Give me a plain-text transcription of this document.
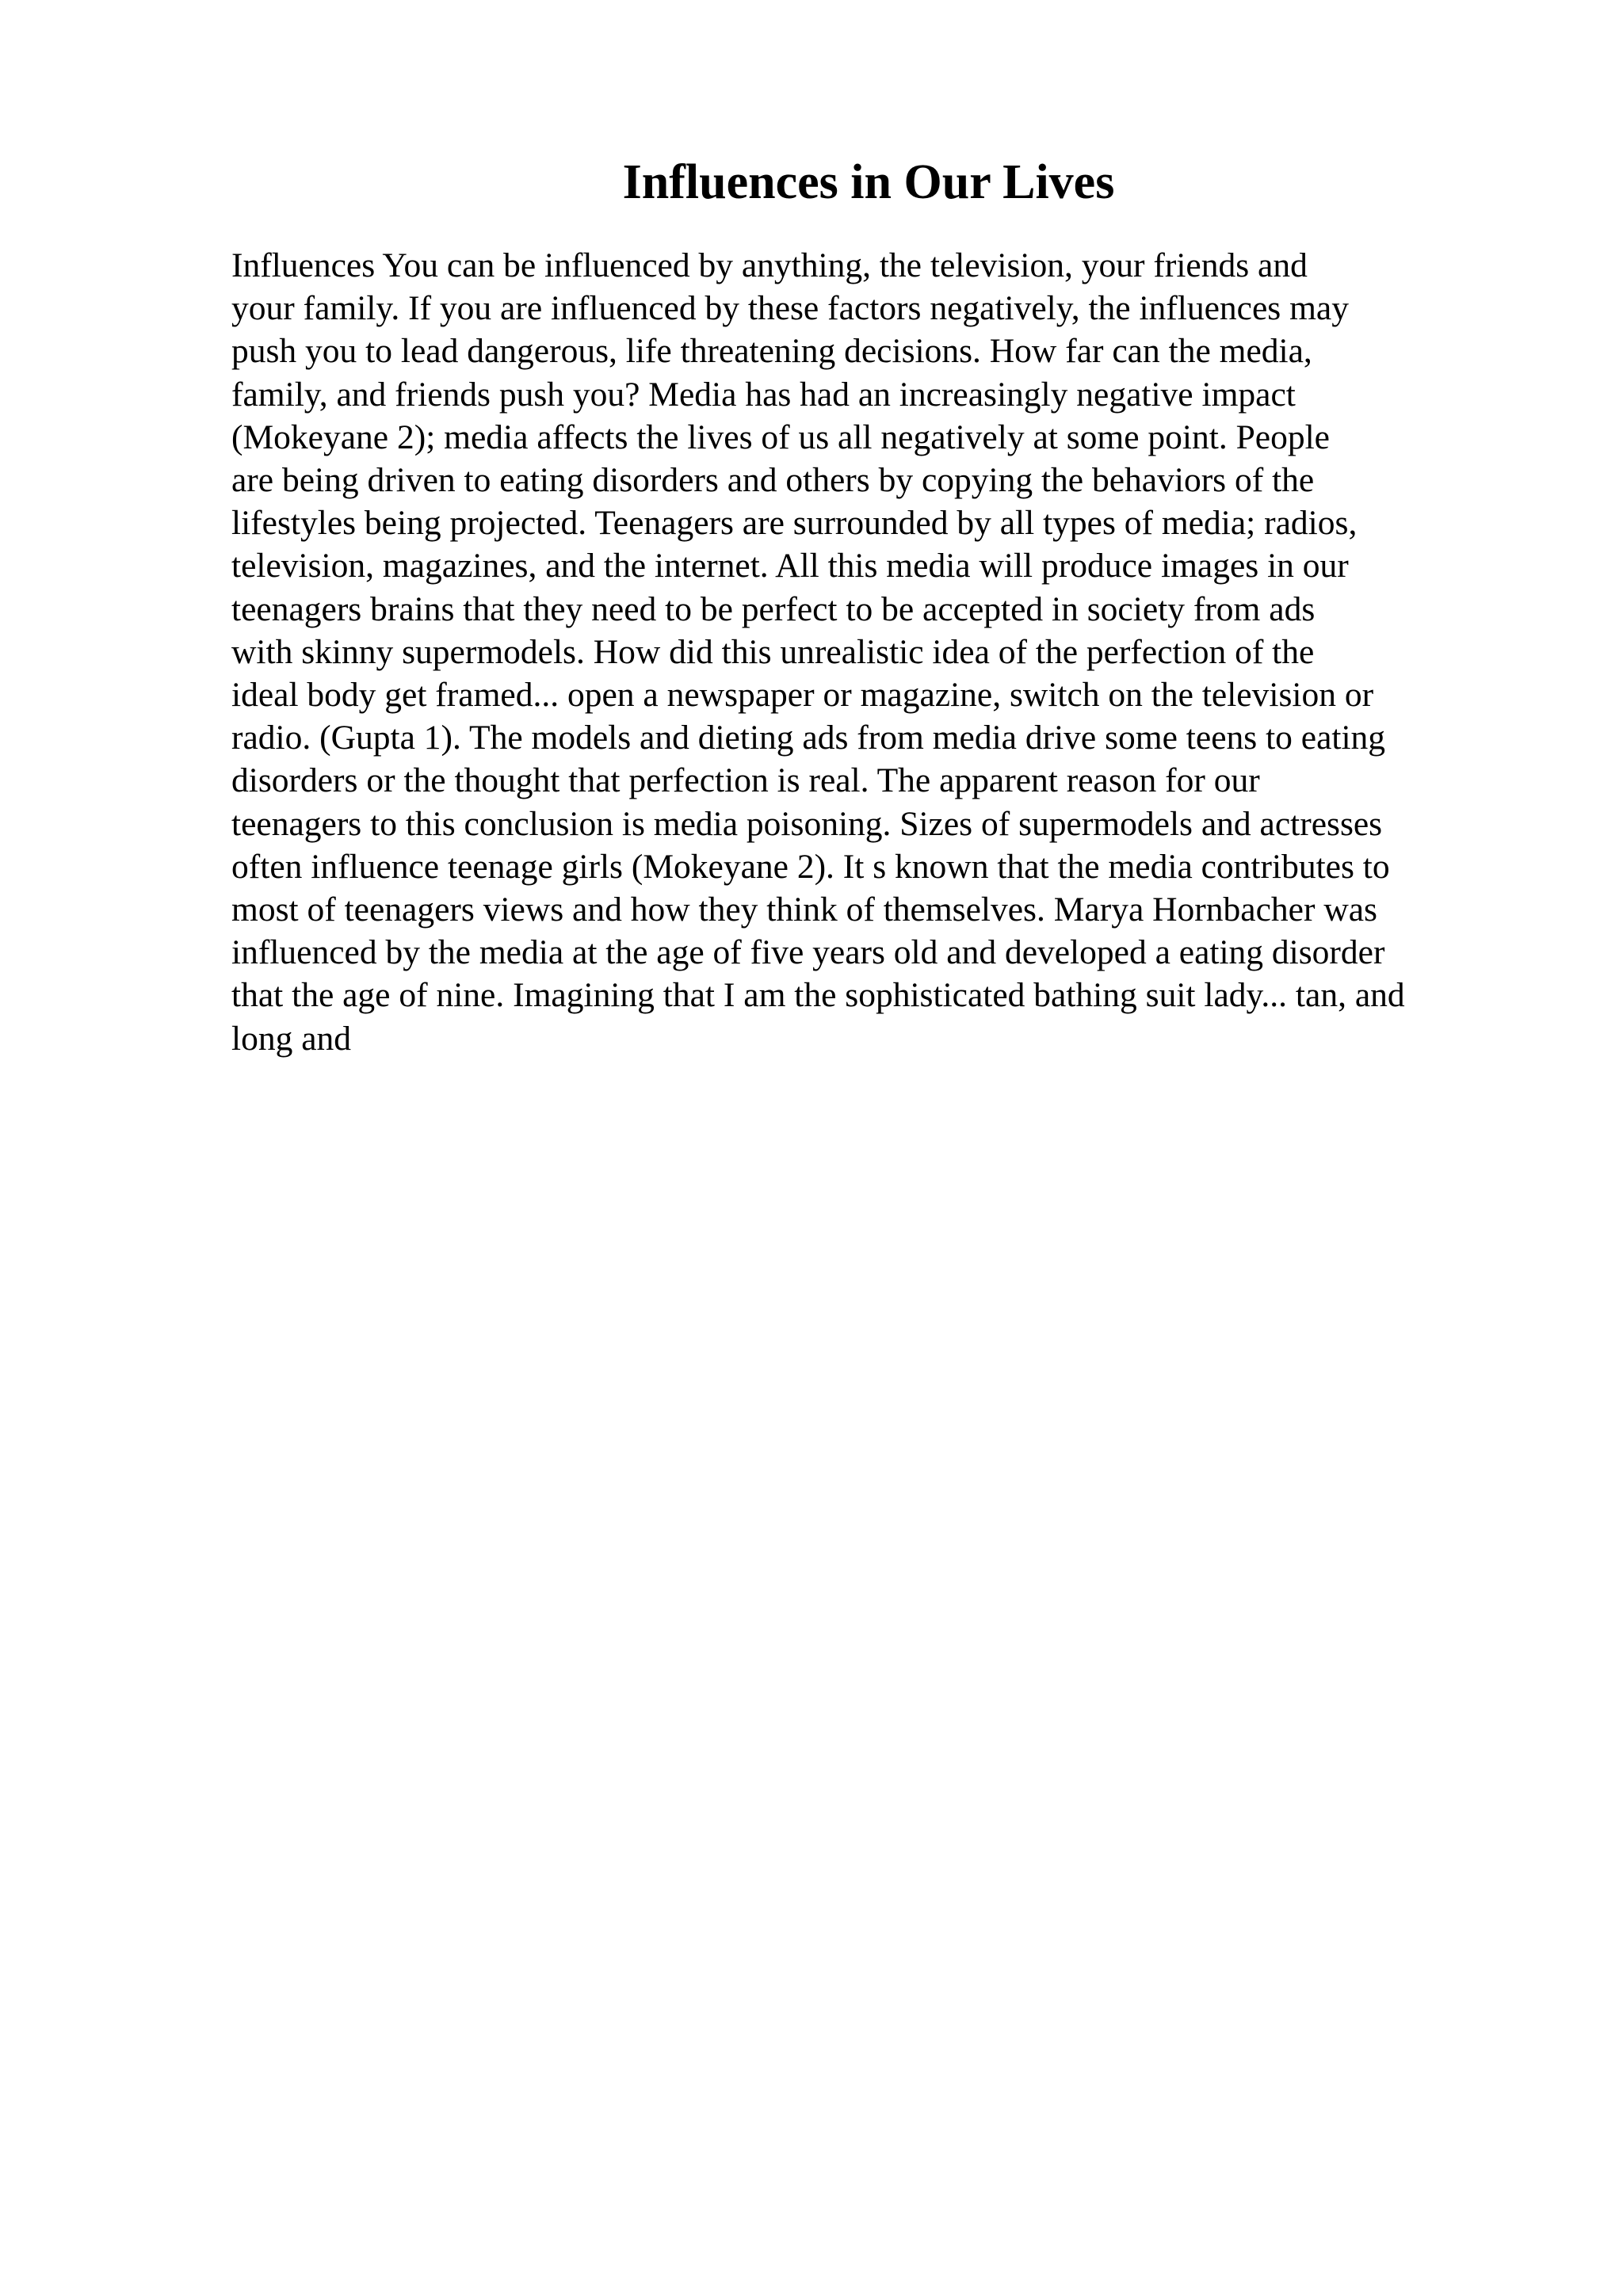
Influences in Our Lives
Influences You can be influenced by anything, the television, your friends and
your family. If you are influenced by these factors negatively, the influences may
push you to lead dangerous, life threatening decisions. How far can the media,
family, and friends push you? Media has had an increasingly negative impact
(Mokeyane 2); media affects the lives of us all negatively at some point. People
are being driven to eating disorders and others by copying the behaviors of the
lifestyles being projected. Teenagers are surrounded by all types of media; radios,
television, magazines, and the internet. All this media will produce images in our
teenagers brains that they need to be perfect to be accepted in society from ads
with skinny supermodels. How did this unrealistic idea of the perfection of the
ideal body get framed... open a newspaper or magazine, switch on the television or
radio. (Gupta 1). The models and dieting ads from media drive some teens to eating
disorders or the thought that perfection is real. The apparent reason for our
teenagers to this conclusion is media poisoning. Sizes of supermodels and actresses
often influence teenage girls (Mokeyane 2). It s known that the media contributes to
most of teenagers views and how they think of themselves. Marya Hornbacher was
influenced by the media at the age of five years old and developed a eating disorder
that the age of nine. Imagining that I am the sophisticated bathing suit lady... tan, and
long and
